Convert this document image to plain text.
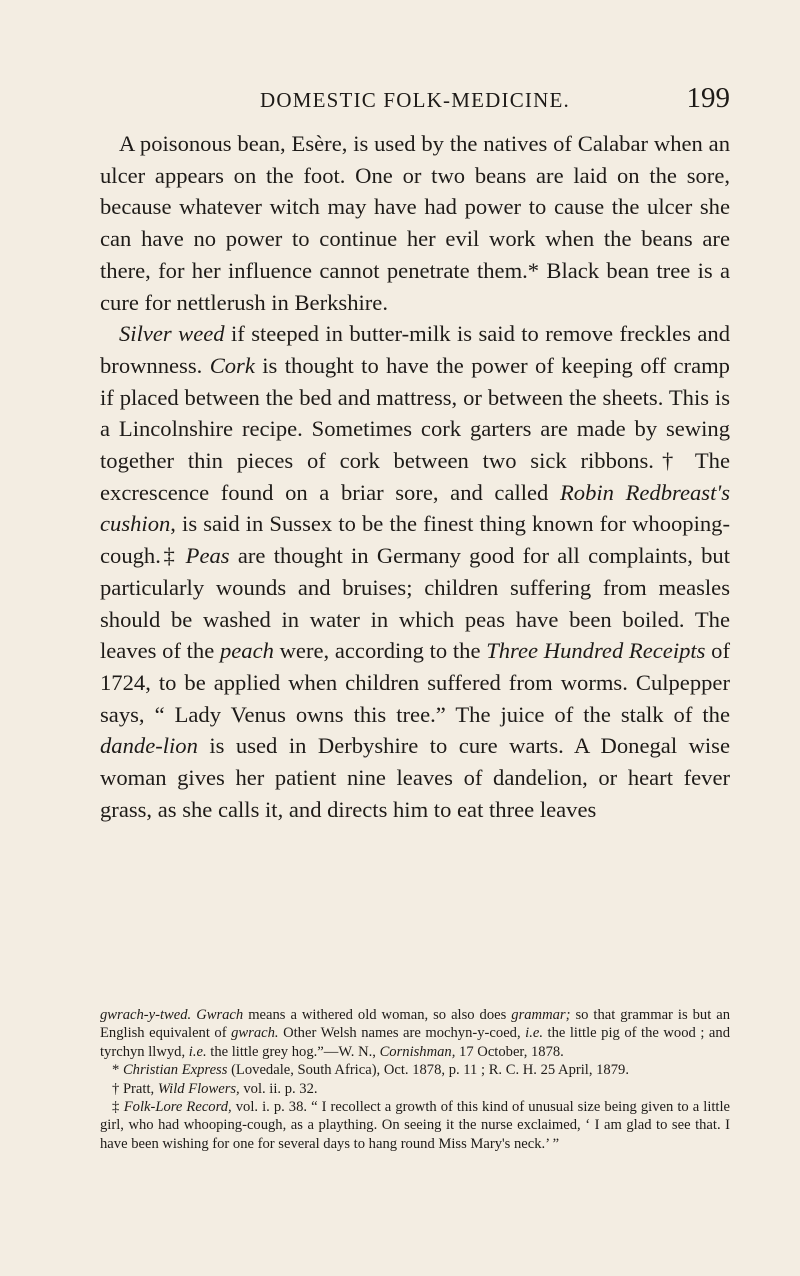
DOMESTIC FOLK-MEDICINE.	199

A poisonous bean, Esère, is used by the natives of Calabar when an ulcer appears on the foot. One or two beans are laid on the sore, because whatever witch may have had power to cause the ulcer she can have no power to continue her evil work when the beans are there, for her influence cannot penetrate them.* Black bean tree is a cure for nettlerush in Berkshire.

Silver weed if steeped in butter-milk is said to remove freckles and brownness. Cork is thought to have the power of keeping off cramp if placed between the bed and mattress, or between the sheets. This is a Lincolnshire recipe. Sometimes cork garters are made by sewing together thin pieces of cork between two sick ribbons.† The excrescence found on a briar sore, and called Robin Redbreast's cushion, is said in Sussex to be the finest thing known for whooping-cough.‡ Peas are thought in Germany good for all complaints, but particularly wounds and bruises; children suffering from measles should be washed in water in which peas have been boiled. The leaves of the peach were, according to the Three Hundred Receipts of 1724, to be applied when children suffered from worms. Culpepper says, “ Lady Venus owns this tree.” The juice of the stalk of the dande-lion is used in Derbyshire to cure warts. A Donegal wise woman gives her patient nine leaves of dandelion, or heart fever grass, as she calls it, and directs him to eat three leaves

gwrach-y-twed. Gwrach means a withered old woman, so also does grammar; so that grammar is but an English equivalent of gwrach. Other Welsh names are mochyn-y-coed, i.e. the little pig of the wood ; and tyrchyn llwyd, i.e. the little grey hog.”—W. N., Cornishman, 17 October, 1878.

* Christian Express (Lovedale, South Africa), Oct. 1878, p. 11 ; R. C. H. 25 April, 1879.

† Pratt, Wild Flowers, vol. ii. p. 32.

‡ Folk-Lore Record, vol. i. p. 38. “ I recollect a growth of this kind of unusual size being given to a little girl, who had whooping-cough, as a plaything. On seeing it the nurse exclaimed, ‘ I am glad to see that. I have been wishing for one for several days to hang round Miss Mary's neck.’ ”
